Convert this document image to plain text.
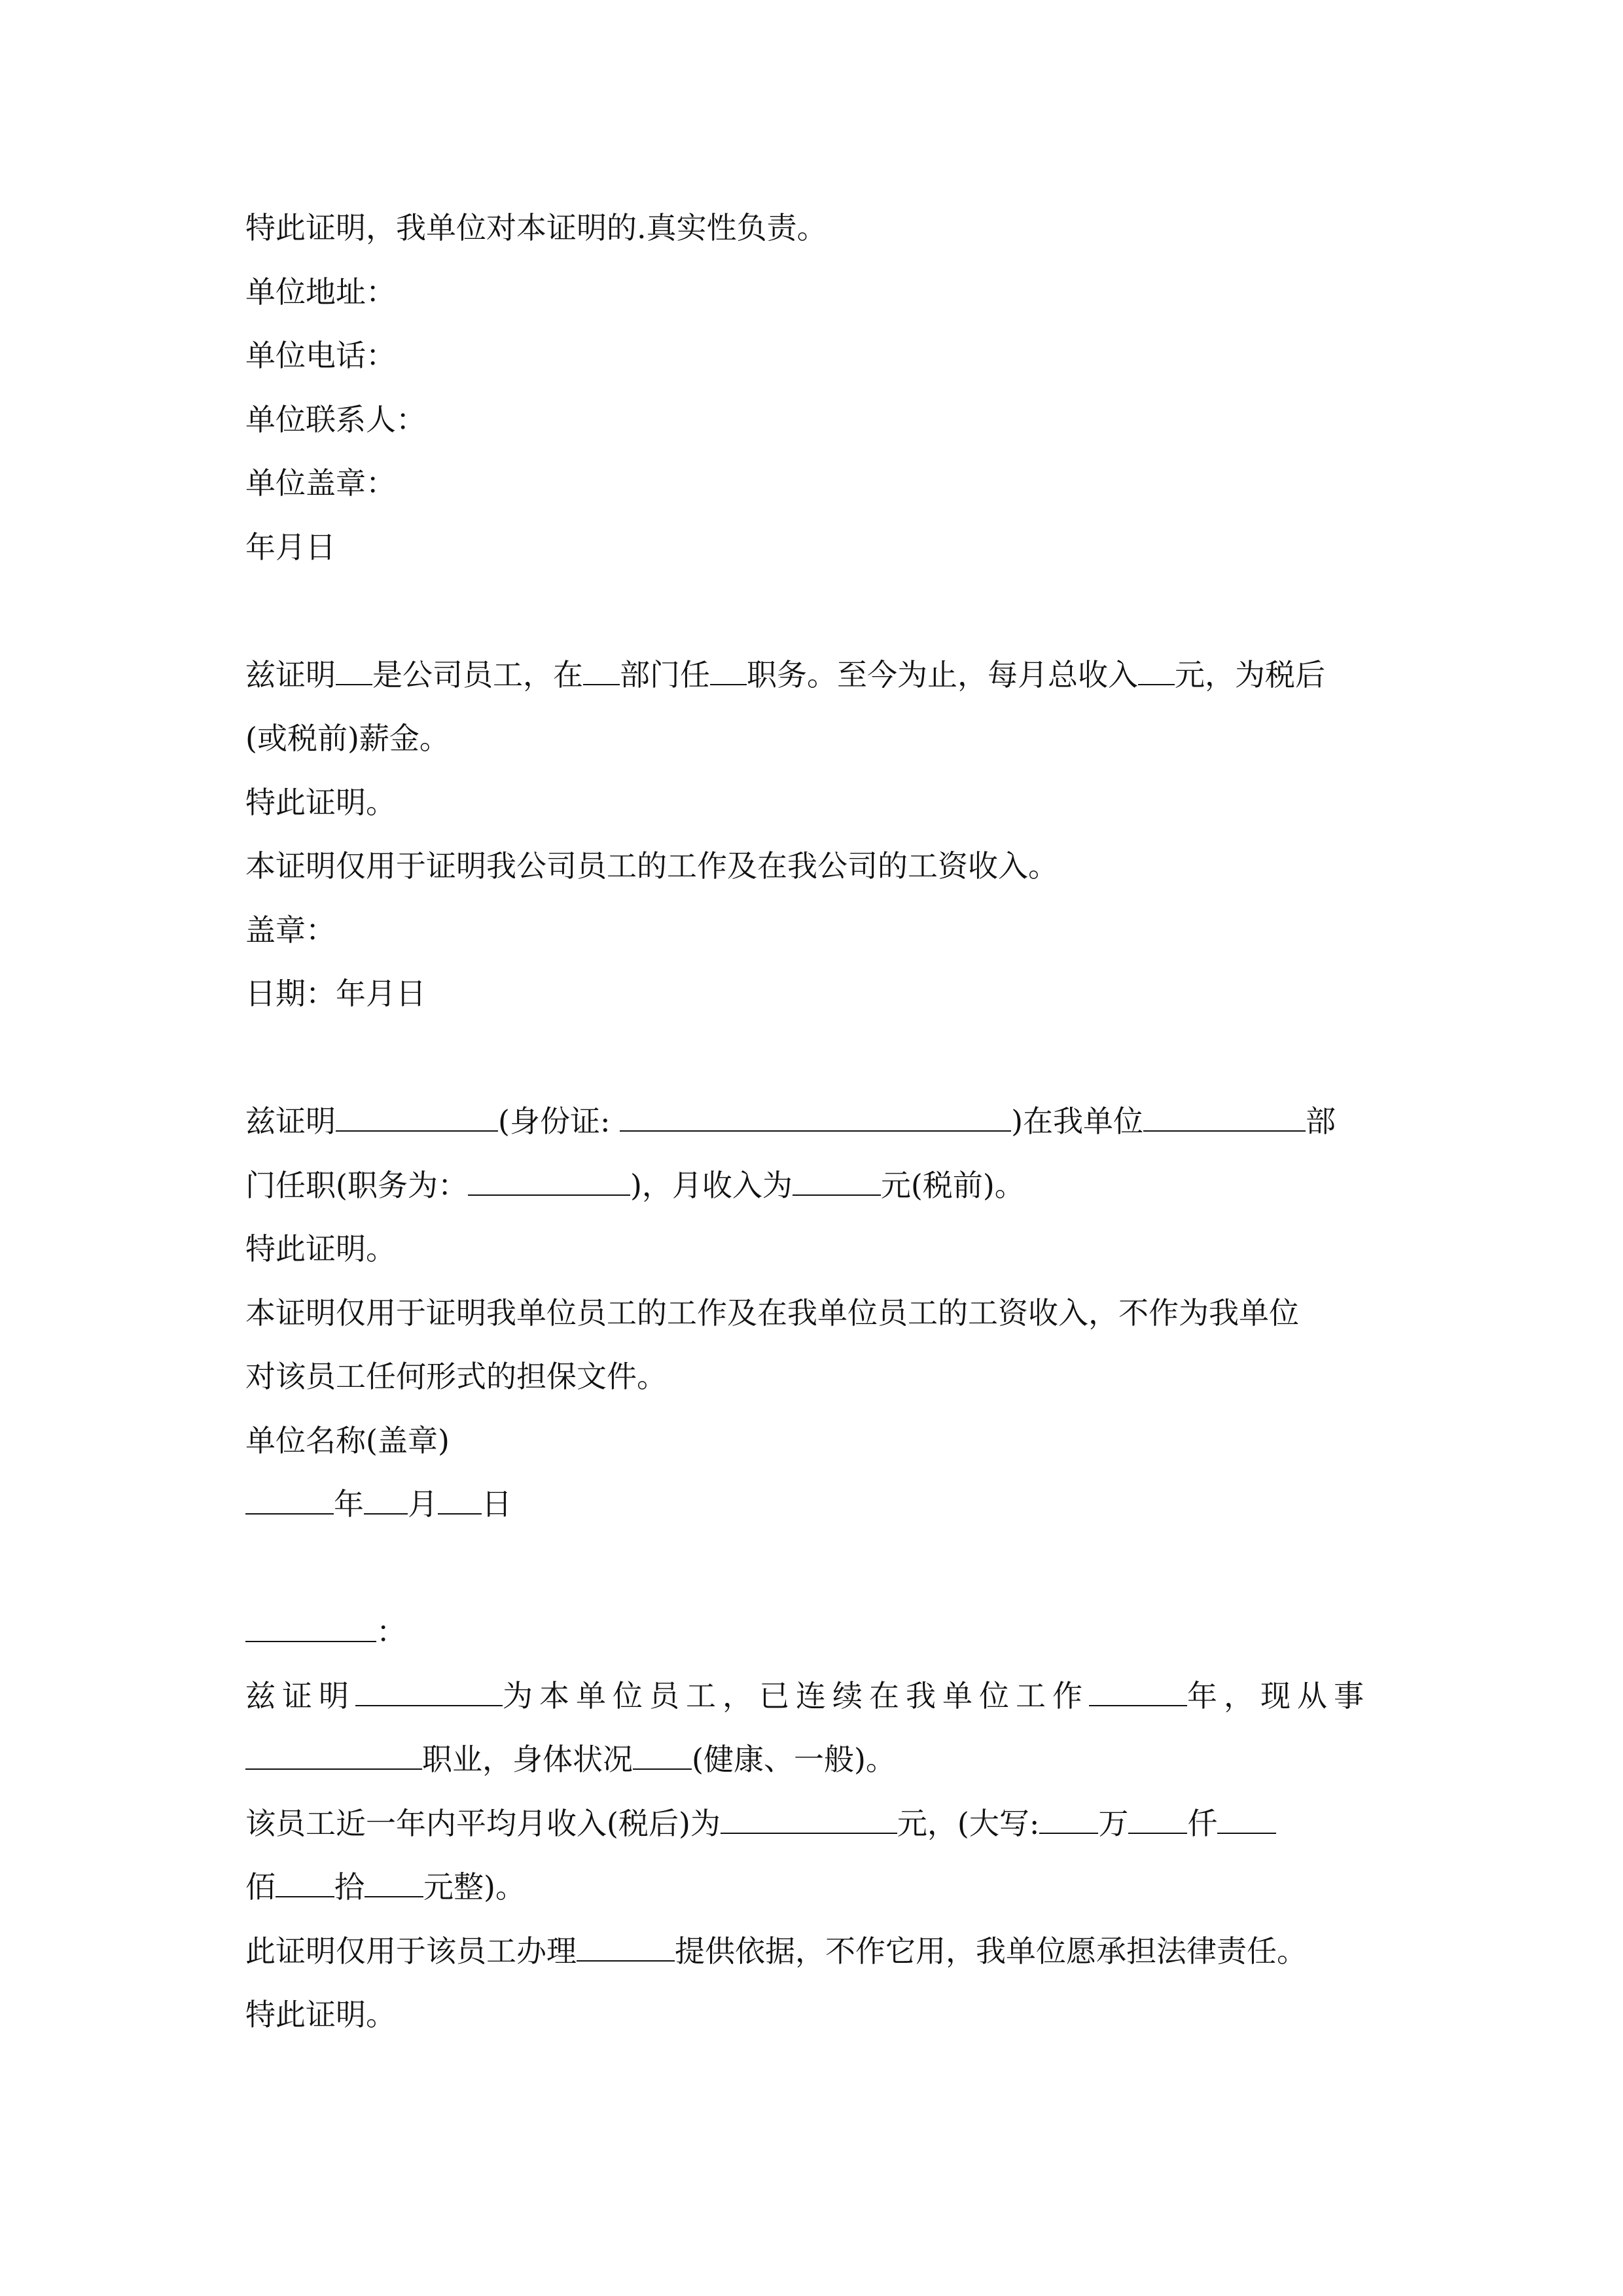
特此证明，我单位对本证明的.真实性负责。

单位地址：

单位电话：

单位联系人：

单位盖章：

年月日

兹证明 是公司员工，在 部门任 职务。至今为止，每月总收入 元，为税后

(或税前)薪金。

特此证明。

本证明仅用于证明我公司员工的工作及在我公司的工资收入。

盖章：

日期：年月日

兹证明	(身份证:	)在我单位	部

门任职(职务为：	)，月收入为	元(税前)。

特此证明。

本证明仅用于证明我单位员工的工作及在我单位员工的工资收入，不作为我单位

对该员工任何形式的担保文件。

单位名称(盖章)

年 月 日

：

兹证明	为本单位员工，已连续在我单位工作	年，现从事

职业，身体状况 (健康、一般)。

该员工近一年内平均月收入(税后)为	元，(大写: 万 仟

佰 拾 元整)。

此证明仅用于该员工办理	提供依据，不作它用，我单位愿承担法律责任。

特此证明。
